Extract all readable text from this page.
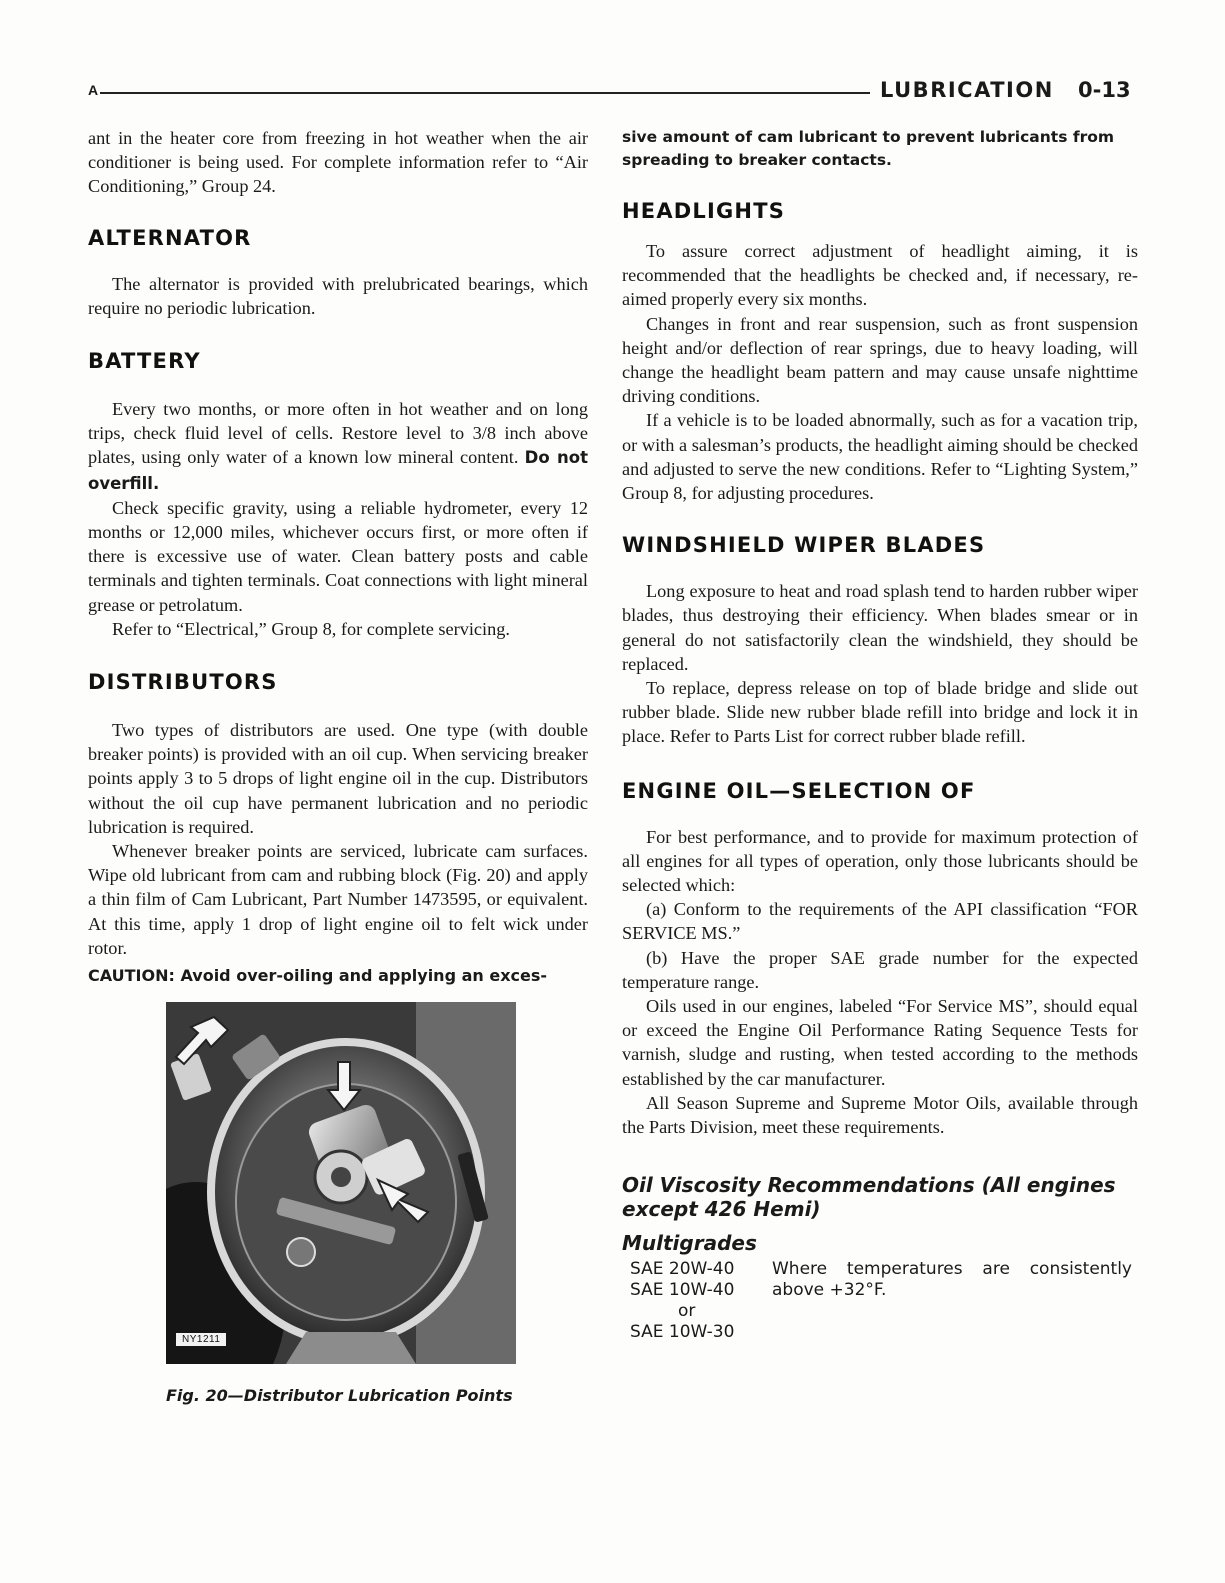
A	LUBRICATION 0-13

ant in the heater core from freezing in hot weather when the air conditioner is being used. For complete information refer to “Air Conditioning,” Group 24.

ALTERNATOR

The alternator is provided with prelubricated bearings, which require no periodic lubrication.

BATTERY

Every two months, or more often in hot weather and on long trips, check fluid level of cells. Restore level to 3/8 inch above plates, using only water of a known low mineral content. Do not overfill.

Check specific gravity, using a reliable hydrometer, every 12 months or 12,000 miles, whichever occurs first, or more often if there is excessive use of water. Clean battery posts and cable terminals and tighten terminals. Coat connections with light mineral grease or petrolatum.

Refer to “Electrical,” Group 8, for complete servicing.

DISTRIBUTORS

Two types of distributors are used. One type (with double breaker points) is provided with an oil cup. When servicing breaker points apply 3 to 5 drops of light engine oil in the cup. Distributors without the oil cup have permanent lubrication and no periodic lubrication is required.

Whenever breaker points are serviced, lubricate cam surfaces. Wipe old lubricant from cam and rubbing block (Fig. 20) and apply a thin film of Cam Lubricant, Part Number 1473595, or equivalent. At this time, apply 1 drop of light engine oil to felt wick under rotor.

CAUTION: Avoid over-oiling and applying an exces-

NY1211
Fig. 20—Distributor Lubrication Points

sive amount of cam lubricant to prevent lubricants from spreading to breaker contacts.

HEADLIGHTS

To assure correct adjustment of headlight aiming, it is recommended that the headlights be checked and, if necessary, re-aimed properly every six months.

Changes in front and rear suspension, such as front suspension height and/or deflection of rear springs, due to heavy loading, will change the headlight beam pattern and may cause unsafe nighttime driving conditions.

If a vehicle is to be loaded abnormally, such as for a vacation trip, or with a salesman’s products, the headlight aiming should be checked and adjusted to serve the new conditions. Refer to “Lighting System,” Group 8, for adjusting procedures.

WINDSHIELD WIPER BLADES

Long exposure to heat and road splash tend to harden rubber wiper blades, thus destroying their efficiency. When blades smear or in general do not satisfactorily clean the windshield, they should be replaced.

To replace, depress release on top of blade bridge and slide out rubber blade. Slide new rubber blade refill into bridge and lock it in place. Refer to Parts List for correct rubber blade refill.

ENGINE OIL—SELECTION OF

For best performance, and to provide for maximum protection of all engines for all types of operation, only those lubricants should be selected which:

(a) Conform to the requirements of the API classification “FOR SERVICE MS.”

(b) Have the proper SAE grade number for the expected temperature range.

Oils used in our engines, labeled “For Service MS”, should equal or exceed the Engine Oil Performance Rating Sequence Tests for varnish, sludge and rusting, when tested according to the methods established by the car manufacturer.

All Season Supreme and Supreme Motor Oils, available through the Parts Division, meet these requirements.

Oil Viscosity Recommendations (All engines except 426 Hemi)
Multigrades
SAE 20W-40
SAE 10W-40
or
SAE 10W-30
Where temperatures are consistently
above +32°F.
